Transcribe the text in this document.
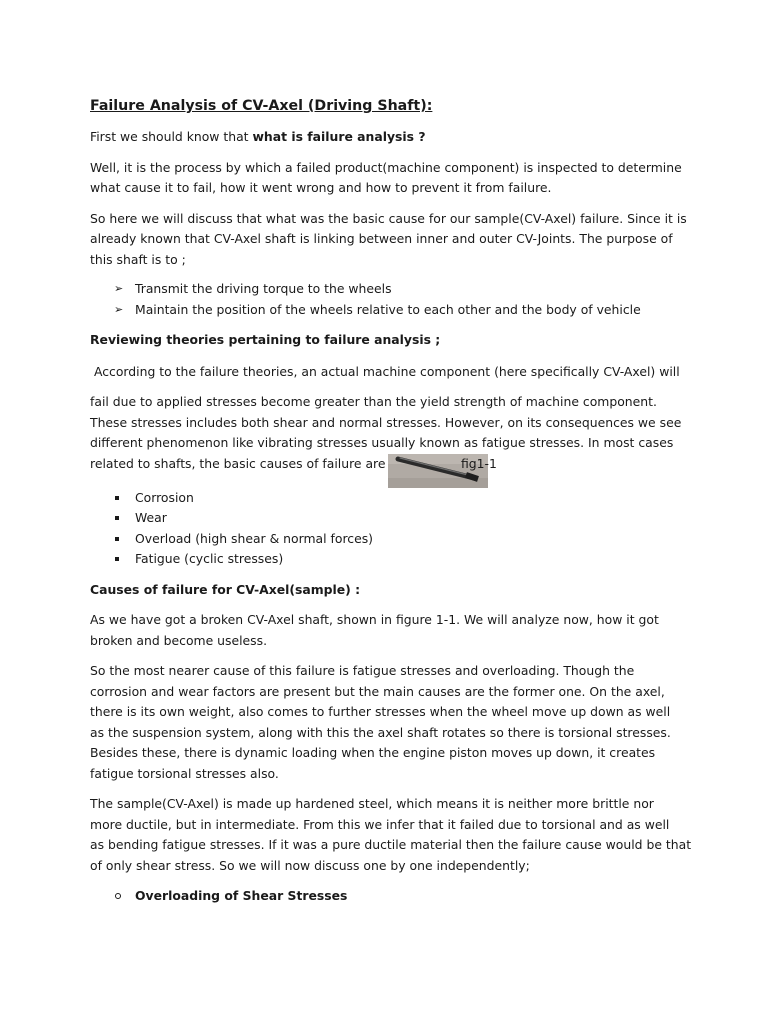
Failure Analysis of CV-Axel (Driving Shaft):

First we should know that what is failure analysis ?

Well, it is the process by which a failed product(machine component) is inspected to determine
what cause it to fail, how it went wrong and how to prevent it from failure.

So here we will discuss that what was the basic cause for our sample(CV-Axel) failure. Since it is
already known that CV-Axel shaft is linking between inner and outer CV-Joints. The purpose of
this shaft is to ;

➢ Transmit the driving torque to the wheels
➢ Maintain the position of the wheels relative to each other and the body of vehicle

Reviewing theories pertaining to failure analysis ;

According to the failure theories, an actual machine component (here specifically CV-Axel) will

fail due to applied stresses become greater than the yield strength of machine component.
These stresses includes both shear and normal stresses. However, on its consequences we see
different phenomenon like vibrating stresses usually known as fatigue stresses. In most cases
related to shafts, the basic causes of failure are	fig1-1

Corrosion
Wear
Overload (high shear & normal forces)
Fatigue (cyclic stresses)

Causes of failure for CV-Axel(sample) :

As we have got a broken CV-Axel shaft, shown in figure 1-1. We will analyze now, how it got
broken and become useless.

So the most nearer cause of this failure is fatigue stresses and overloading. Though the
corrosion and wear factors are present but the main causes are the former one. On the axel,
there is its own weight, also comes to further stresses when the wheel move up down as well
as the suspension system, along with this the axel shaft rotates so there is torsional stresses.
Besides these, there is dynamic loading when the engine piston moves up down, it creates
fatigue torsional stresses also.

The sample(CV-Axel) is made up hardened steel, which means it is neither more brittle nor
more ductile, but in intermediate. From this we infer that it failed due to torsional and as well
as bending fatigue stresses. If it was a pure ductile material then the failure cause would be that
of only shear stress. So we will now discuss one by one independently;

Overloading of Shear Stresses
